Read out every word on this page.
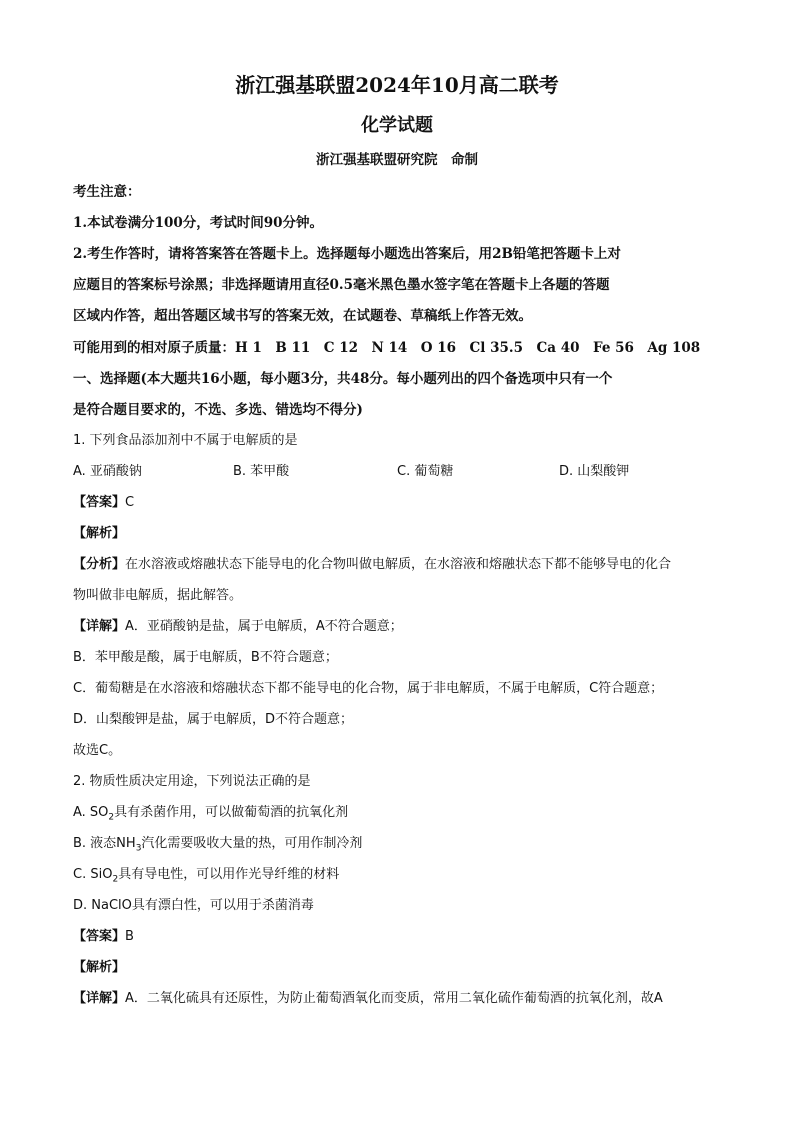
浙江强基联盟2024年10月高二联考
化学试题
浙江强基联盟研究院　命制
考生注意：
1.本试卷满分100分，考试时间90分钟。
2.考生作答时，请将答案答在答题卡上。选择题每小题选出答案后，用2B铅笔把答题卡上对
应题目的答案标号涂黑；非选择题请用直径0.5毫米黑色墨水签字笔在答题卡上各题的答题
区域内作答，超出答题区域书写的答案无效，在试题卷、草稿纸上作答无效。
可能用到的相对原子质量：H 1　B 11　C 12　N 14　O 16　Cl 35.5　Ca 40　Fe 56　Ag 108
一、选择题(本大题共16小题，每小题3分，共48分。每小题列出的四个备选项中只有一个
是符合题目要求的，不选、多选、错选均不得分)
1. 下列食品添加剂中不属于电解质的是
A. 亚硝酸钠	B. 苯甲酸	C. 葡萄糖	D. 山梨酸钾
【答案】C
【解析】
【分析】在水溶液或熔融状态下能导电的化合物叫做电解质，在水溶液和熔融状态下都不能够导电的化合
物叫做非电解质，据此解答。
【详解】A．亚硝酸钠是盐，属于电解质，A不符合题意；
B．苯甲酸是酸，属于电解质，B不符合题意；
C．葡萄糖是在水溶液和熔融状态下都不能导电的化合物，属于非电解质，不属于电解质，C符合题意；
D．山梨酸钾是盐，属于电解质，D不符合题意；
故选C。
2. 物质性质决定用途，下列说法正确的是
A. $SO_2$具有杀菌作用，可以做葡萄酒的抗氧化剂
B. 液态$NH_3$汽化需要吸收大量的热，可用作制冷剂
C. SiO$_2$具有导电性，可以用作光导纤维的材料
D. NaClO具有漂白性，可以用于杀菌消毒
【答案】B
【解析】
【详解】A．二氧化硫具有还原性，为防止葡萄酒氧化而变质，常用二氧化硫作葡萄酒的抗氧化剂，故A
